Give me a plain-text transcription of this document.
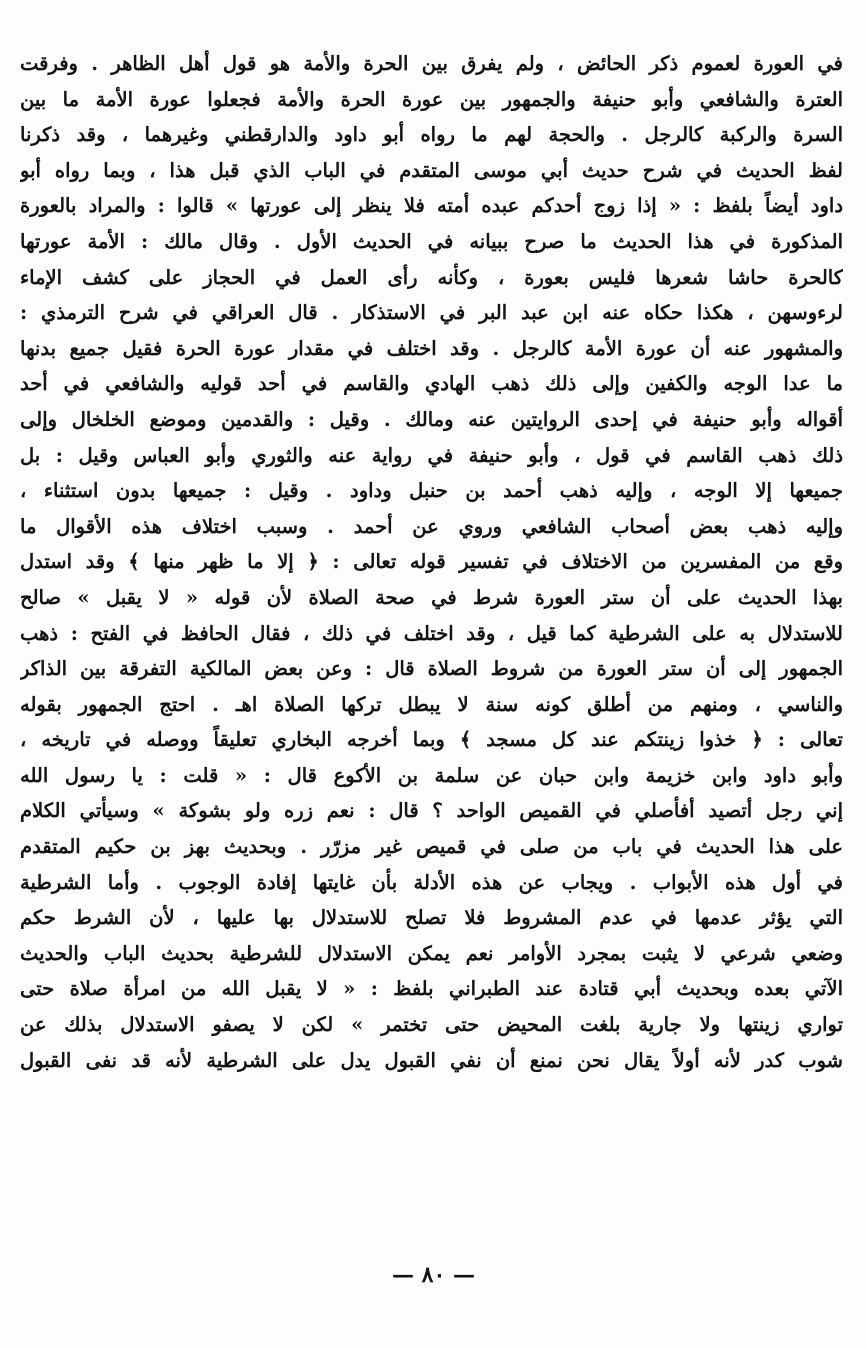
في العورة لعموم ذكر الحائض ، ولم يفرق بين الحرة والأمة هو قول أهل الظاهر . وفرقت
العترة والشافعي وأبو حنيفة والجمهور بين عورة الحرة والأمة فجعلوا عورة الأمة ما بين
السرة والركبة كالرجل . والحجة لهم ما رواه أبو داود والدارقطني وغيرهما ، وقد ذكرنا
لفظ الحديث في شرح حديث أبي موسى المتقدم في الباب الذي قبل هذا ، وبما رواه أبو
داود أيضاً بلفظ : « إذا زوج أحدكم عبده أمته فلا ينظر إلى عورتها » قالوا : والمراد بالعورة
المذكورة في هذا الحديث ما صرح ببيانه في الحديث الأول . وقال مالك : الأمة عورتها
كالحرة حاشا شعرها فليس بعورة ، وكأنه رأى العمل في الحجاز على كشف الإماء
لرءوسهن ، هكذا حكاه عنه ابن عبد البر في الاستذكار . قال العراقي في شرح الترمذي :
والمشهور عنه أن عورة الأمة كالرجل . وقد اختلف في مقدار عورة الحرة فقيل جميع بدنها
ما عدا الوجه والكفين وإلى ذلك ذهب الهادي والقاسم في أحد قوليه والشافعي في أحد
أقواله وأبو حنيفة في إحدى الروايتين عنه ومالك . وقيل : والقدمين وموضع الخلخال وإلى
ذلك ذهب القاسم في قول ، وأبو حنيفة في رواية عنه والثوري وأبو العباس وقيل : بل
جميعها إلا الوجه ، وإليه ذهب أحمد بن حنبل وداود . وقيل : جميعها بدون استثناء ،
وإليه ذهب بعض أصحاب الشافعي وروي عن أحمد . وسبب اختلاف هذه الأقوال ما
وقع من المفسرين من الاختلاف في تفسير قوله تعالى : ﴿ إلا ما ظهر منها ﴾ وقد استدل
بهذا الحديث على أن ستر العورة شرط في صحة الصلاة لأن قوله « لا يقبل » صالح
للاستدلال به على الشرطية كما قيل ، وقد اختلف في ذلك ، فقال الحافظ في الفتح : ذهب
الجمهور إلى أن ستر العورة من شروط الصلاة قال : وعن بعض المالكية التفرقة بين الذاكر
والناسي ، ومنهم من أطلق كونه سنة لا يبطل تركها الصلاة اهـ . احتج الجمهور بقوله
تعالى : ﴿ خذوا زينتكم عند كل مسجد ﴾ وبما أخرجه البخاري تعليقاً ووصله في تاريخه ،
وأبو داود وابن خزيمة وابن حبان عن سلمة بن الأكوع قال : « قلت : يا رسول الله
إني رجل أتصيد أفأصلي في القميص الواحد ؟ قال : نعم زره ولو بشوكة » وسيأتي الكلام
على هذا الحديث في باب من صلى في قميص غير مزرّر . وبحديث بهز بن حكيم المتقدم
في أول هذه الأبواب . ويجاب عن هذه الأدلة بأن غايتها إفادة الوجوب . وأما الشرطية
التي يؤثر عدمها في عدم المشروط فلا تصلح للاستدلال بها عليها ، لأن الشرط حكم
وضعي شرعي لا يثبت بمجرد الأوامر نعم يمكن الاستدلال للشرطية بحديث الباب والحديث
الآتي بعده وبحديث أبي قتادة عند الطبراني بلفظ : « لا يقبل الله من امرأة صلاة حتى
تواري زينتها ولا جارية بلغت المحيض حتى تختمر » لكن لا يصفو الاستدلال بذلك عن
شوب كدر لأنه أولاً يقال نحن نمنع أن نفي القبول يدل على الشرطية لأنه قد نفى القبول
— ٨٠ —
